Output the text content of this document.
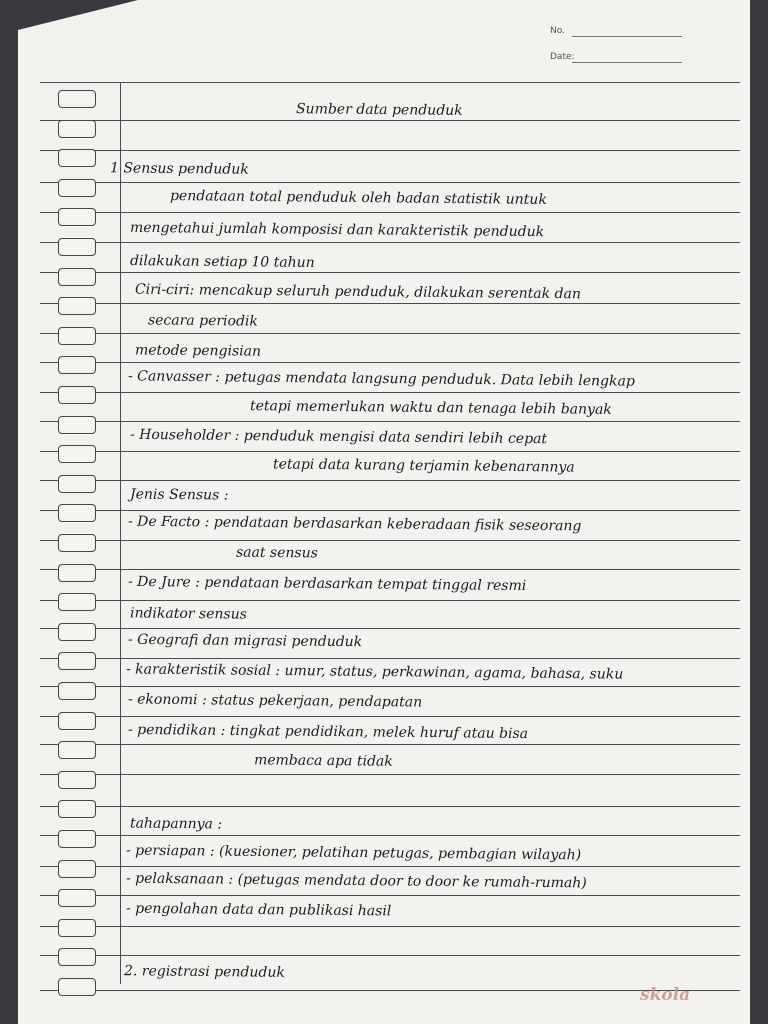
No.
Date:
Sumber data penduduk
1 Sensus penduduk
pendataan total penduduk oleh badan statistik untuk
mengetahui jumlah komposisi dan karakteristik penduduk
dilakukan setiap 10 tahun
Ciri-ciri: mencakup seluruh penduduk, dilakukan serentak dan
secara periodik
metode pengisian
- Canvasser : petugas mendata langsung penduduk. Data lebih lengkap
tetapi memerlukan waktu dan tenaga lebih banyak
- Householder : penduduk mengisi data sendiri lebih cepat
tetapi data kurang terjamin kebenarannya
Jenis Sensus :
- De Facto : pendataan berdasarkan keberadaan fisik seseorang
saat sensus
- De Jure : pendataan berdasarkan tempat tinggal resmi
indikator sensus
- Geografi dan migrasi penduduk
- karakteristik sosial : umur, status, perkawinan, agama, bahasa, suku
- ekonomi : status pekerjaan, pendapatan
- pendidikan : tingkat pendidikan, melek huruf atau bisa
membaca apa tidak
tahapannya :
- persiapan : (kuesioner, pelatihan petugas, pembagian wilayah)
- pelaksanaan : (petugas mendata door to door ke rumah-rumah)
- pengolahan data dan publikasi hasil
2. registrasi penduduk
skola
